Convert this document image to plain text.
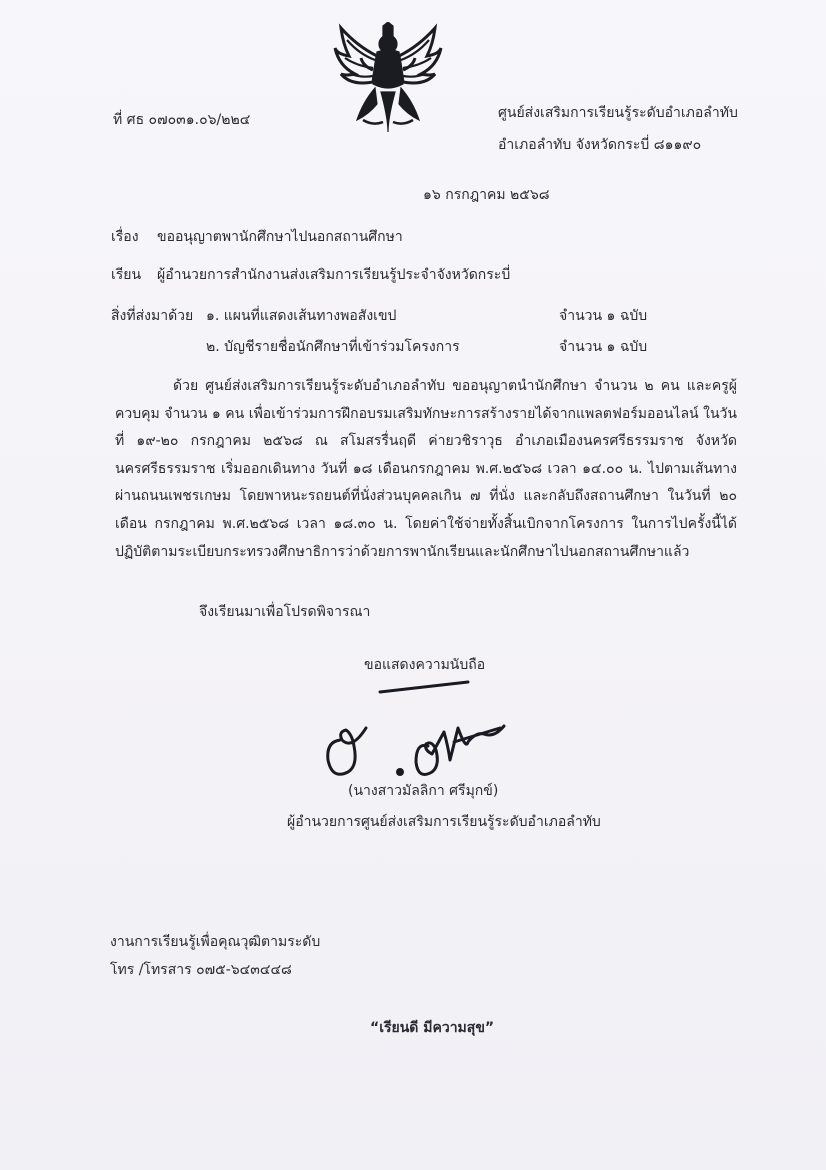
ที่ ศธ ๐๗๐๓๑.๐๖/๒๒๔	ศูนย์ส่งเสริมการเรียนรู้ระดับอำเภอลำทับ
อำเภอลำทับ จังหวัดกระบี่ ๘๑๑๙๐
๑๖ กรกฎาคม ๒๕๖๘
เรื่อง ขออนุญาตพานักศึกษาไปนอกสถานศึกษา
เรียน ผู้อำนวยการสำนักงานส่งเสริมการเรียนรู้ประจำจังหวัดกระบี่
สิ่งที่ส่งมาด้วย ๑. แผนที่แสดงเส้นทางพอสังเขป	จำนวน ๑ ฉบับ
๒. บัญชีรายชื่อนักศึกษาที่เข้าร่วมโครงการ	จำนวน ๑ ฉบับ
ด้วย ศูนย์ส่งเสริมการเรียนรู้ระดับอำเภอลำทับ ขออนุญาตนำนักศึกษา จำนวน ๒ คน และครูผู้ควบคุม จำนวน ๑ คน เพื่อเข้าร่วมการฝึกอบรมเสริมทักษะการสร้างรายได้จากแพลตฟอร์มออนไลน์ ในวันที่ ๑๙-๒๐ กรกฎาคม ๒๕๖๘ ณ สโมสรรื่นฤดี ค่ายวชิราวุธ อำเภอเมืองนครศรีธรรมราช จังหวัดนครศรีธรรมราช เริ่มออกเดินทาง วันที่ ๑๘ เดือนกรกฎาคม พ.ศ.๒๕๖๘ เวลา ๑๔.๐๐ น. ไปตามเส้นทางผ่านถนนเพชรเกษม โดยพาหนะรถยนต์ที่นั่งส่วนบุคคลเกิน ๗ ที่นั่ง และกลับถึงสถานศึกษา ในวันที่ ๒๐ เดือน กรกฎาคม พ.ศ.๒๕๖๘ เวลา ๑๘.๓๐ น. โดยค่าใช้จ่ายทั้งสิ้นเบิกจากโครงการ ในการไปครั้งนี้ได้ปฏิบัติตามระเบียบกระทรวงศึกษาธิการว่าด้วยการพานักเรียนและนักศึกษาไปนอกสถานศึกษาแล้ว
จึงเรียนมาเพื่อโปรดพิจารณา
ขอแสดงความนับถือ
(นางสาวมัลลิกา ศรีมุกข์)
ผู้อำนวยการศูนย์ส่งเสริมการเรียนรู้ระดับอำเภอลำทับ
งานการเรียนรู้เพื่อคุณวุฒิตามระดับ
โทร /โทรสาร ๐๗๕-๖๔๓๔๔๘
“เรียนดี มีความสุข”
